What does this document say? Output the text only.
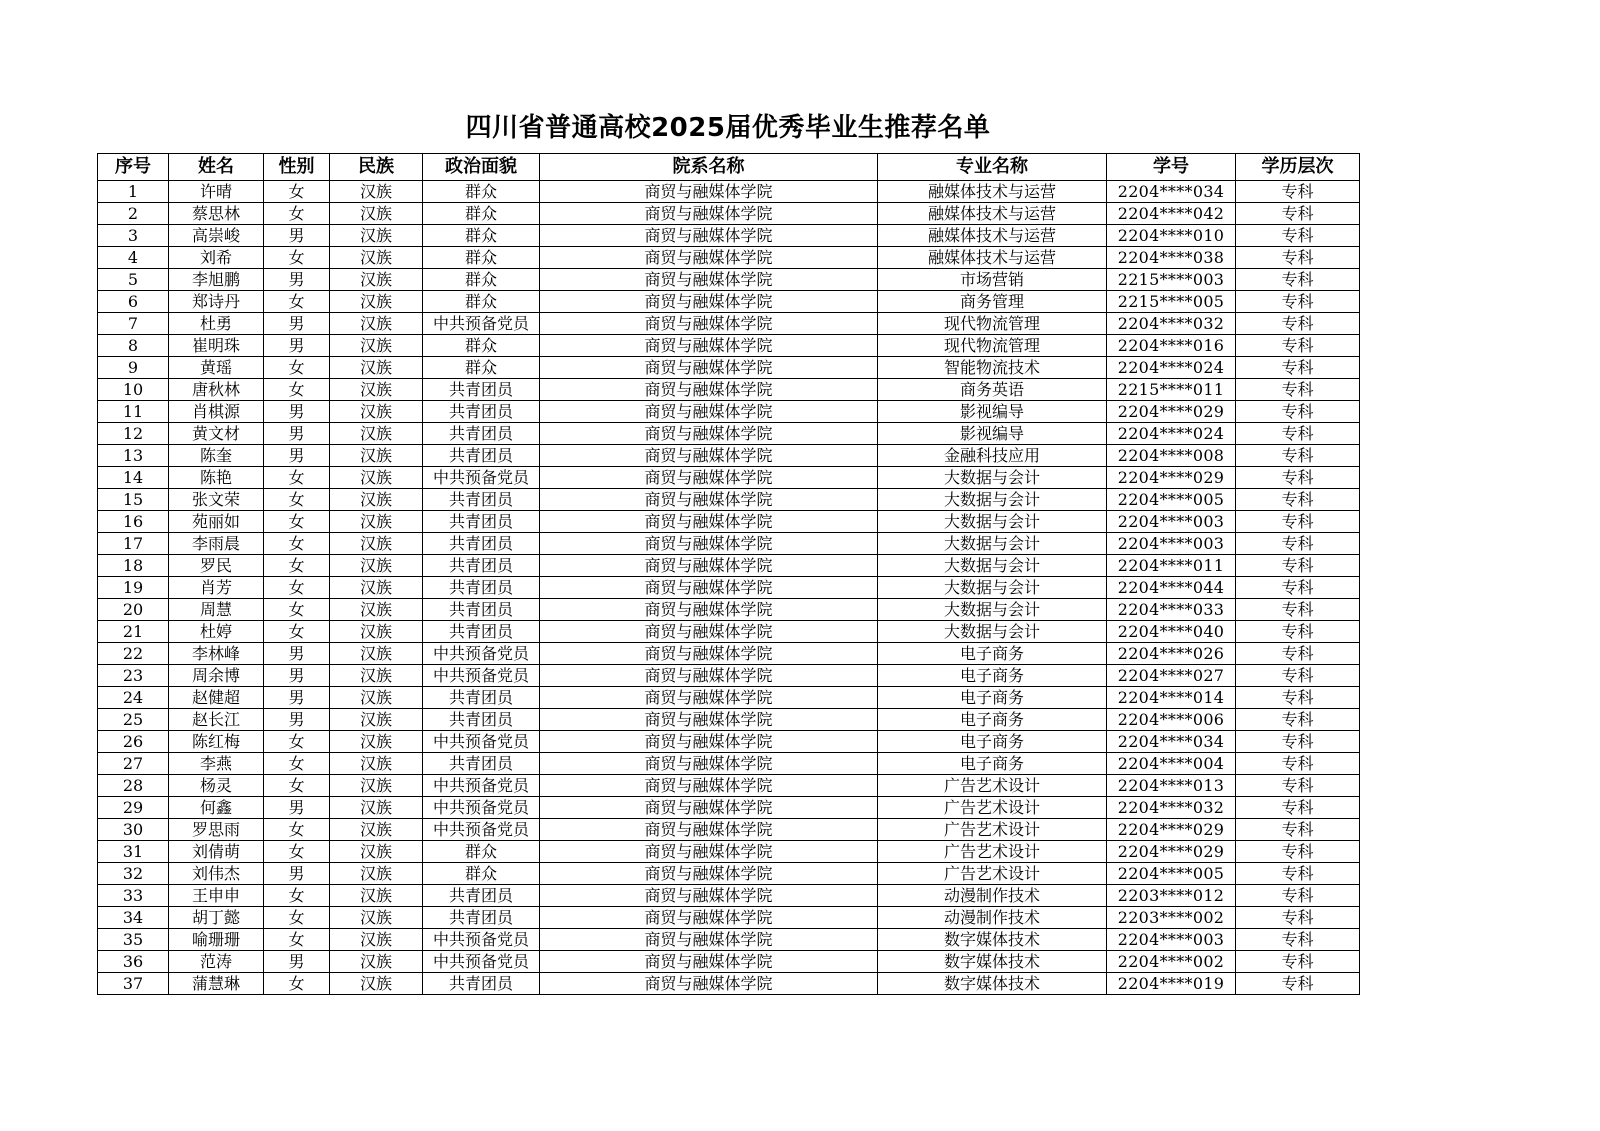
四川省普通高校2025届优秀毕业生推荐名单
序号	姓名	性别	民族	政治面貌	院系名称	专业名称	学号	学历层次
1	许晴	女	汉族	群众	商贸与融媒体学院	融媒体技术与运营	2204****034	专科
2	蔡思林	女	汉族	群众	商贸与融媒体学院	融媒体技术与运营	2204****042	专科
3	高崇峻	男	汉族	群众	商贸与融媒体学院	融媒体技术与运营	2204****010	专科
4	刘希	女	汉族	群众	商贸与融媒体学院	融媒体技术与运营	2204****038	专科
5	李旭鹏	男	汉族	群众	商贸与融媒体学院	市场营销	2215****003	专科
6	郑诗丹	女	汉族	群众	商贸与融媒体学院	商务管理	2215****005	专科
7	杜勇	男	汉族	中共预备党员	商贸与融媒体学院	现代物流管理	2204****032	专科
8	崔明珠	男	汉族	群众	商贸与融媒体学院	现代物流管理	2204****016	专科
9	黄瑶	女	汉族	群众	商贸与融媒体学院	智能物流技术	2204****024	专科
10	唐秋林	女	汉族	共青团员	商贸与融媒体学院	商务英语	2215****011	专科
11	肖棋源	男	汉族	共青团员	商贸与融媒体学院	影视编导	2204****029	专科
12	黄文材	男	汉族	共青团员	商贸与融媒体学院	影视编导	2204****024	专科
13	陈奎	男	汉族	共青团员	商贸与融媒体学院	金融科技应用	2204****008	专科
14	陈艳	女	汉族	中共预备党员	商贸与融媒体学院	大数据与会计	2204****029	专科
15	张文荣	女	汉族	共青团员	商贸与融媒体学院	大数据与会计	2204****005	专科
16	苑丽如	女	汉族	共青团员	商贸与融媒体学院	大数据与会计	2204****003	专科
17	李雨晨	女	汉族	共青团员	商贸与融媒体学院	大数据与会计	2204****003	专科
18	罗民	女	汉族	共青团员	商贸与融媒体学院	大数据与会计	2204****011	专科
19	肖芳	女	汉族	共青团员	商贸与融媒体学院	大数据与会计	2204****044	专科
20	周慧	女	汉族	共青团员	商贸与融媒体学院	大数据与会计	2204****033	专科
21	杜婷	女	汉族	共青团员	商贸与融媒体学院	大数据与会计	2204****040	专科
22	李林峰	男	汉族	中共预备党员	商贸与融媒体学院	电子商务	2204****026	专科
23	周余博	男	汉族	中共预备党员	商贸与融媒体学院	电子商务	2204****027	专科
24	赵健超	男	汉族	共青团员	商贸与融媒体学院	电子商务	2204****014	专科
25	赵长江	男	汉族	共青团员	商贸与融媒体学院	电子商务	2204****006	专科
26	陈红梅	女	汉族	中共预备党员	商贸与融媒体学院	电子商务	2204****034	专科
27	李燕	女	汉族	共青团员	商贸与融媒体学院	电子商务	2204****004	专科
28	杨灵	女	汉族	中共预备党员	商贸与融媒体学院	广告艺术设计	2204****013	专科
29	何鑫	男	汉族	中共预备党员	商贸与融媒体学院	广告艺术设计	2204****032	专科
30	罗思雨	女	汉族	中共预备党员	商贸与融媒体学院	广告艺术设计	2204****029	专科
31	刘倩萌	女	汉族	群众	商贸与融媒体学院	广告艺术设计	2204****029	专科
32	刘伟杰	男	汉族	群众	商贸与融媒体学院	广告艺术设计	2204****005	专科
33	王申申	女	汉族	共青团员	商贸与融媒体学院	动漫制作技术	2203****012	专科
34	胡丁懿	女	汉族	共青团员	商贸与融媒体学院	动漫制作技术	2203****002	专科
35	喻珊珊	女	汉族	中共预备党员	商贸与融媒体学院	数字媒体技术	2204****003	专科
36	范涛	男	汉族	中共预备党员	商贸与融媒体学院	数字媒体技术	2204****002	专科
37	蒲慧琳	女	汉族	共青团员	商贸与融媒体学院	数字媒体技术	2204****019	专科
